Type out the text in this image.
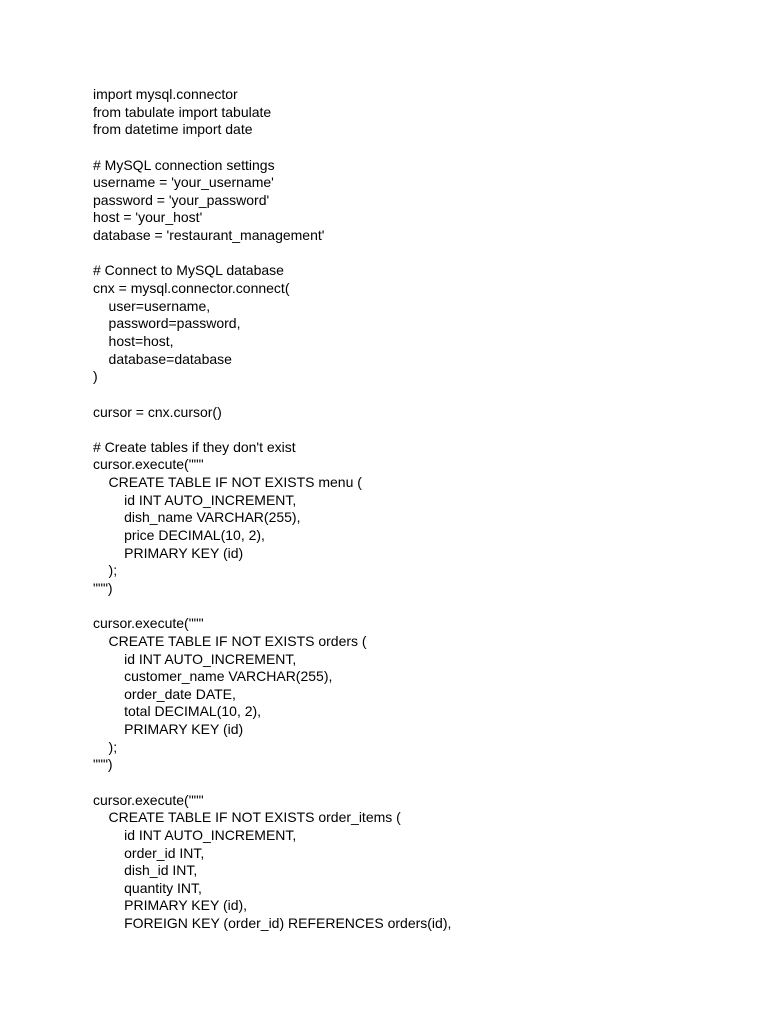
import mysql.connector
from tabulate import tabulate
from datetime import date
# MySQL connection settings
username = 'your_username'
password = 'your_password'
host = 'your_host'
database = 'restaurant_management'
# Connect to MySQL database
cnx = mysql.connector.connect(
user=username,
password=password,
host=host,
database=database
)
cursor = cnx.cursor()
# Create tables if they don't exist
cursor.execute("""
CREATE TABLE IF NOT EXISTS menu (
id INT AUTO_INCREMENT,
dish_name VARCHAR(255),
price DECIMAL(10, 2),
PRIMARY KEY (id)
);
""")
cursor.execute("""
CREATE TABLE IF NOT EXISTS orders (
id INT AUTO_INCREMENT,
customer_name VARCHAR(255),
order_date DATE,
total DECIMAL(10, 2),
PRIMARY KEY (id)
);
""")
cursor.execute("""
CREATE TABLE IF NOT EXISTS order_items (
id INT AUTO_INCREMENT,
order_id INT,
dish_id INT,
quantity INT,
PRIMARY KEY (id),
FOREIGN KEY (order_id) REFERENCES orders(id),
